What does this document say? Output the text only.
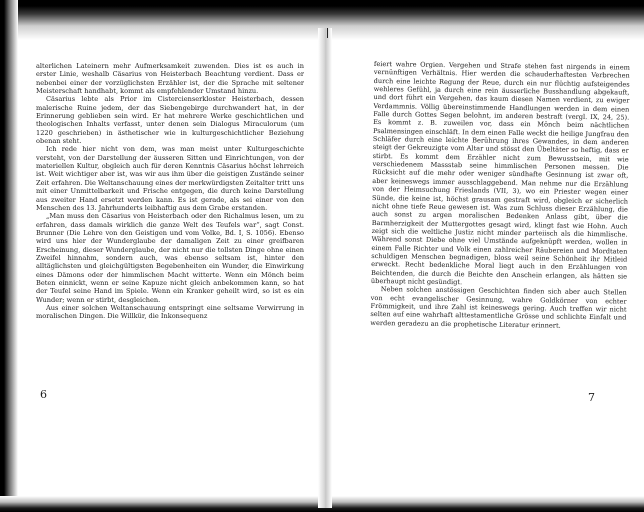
alterlichen Lateinern mehr Aufmerksamkeit zuwenden. Dies ist es auch in erster Linie, weshalb Cäsarius von Heisterbach Beachtung verdient. Dass er nebenbei einer der vorzüglichsten Erzähler ist, der die Sprache mit seltener Meisterschaft handhabt, kommt als empfehlender Umstand hinzu.

Cäsarius lebte als Prior im Cistercienserkloster Heisterbach, dessen malerische Ruine jedem, der das Siebengebirge durchwandert hat, in der Erinnerung geblieben sein wird. Er hat mehrere Werke geschichtlichen und theologischen Inhalts verfasst, unter denen sein Dialogus Miraculorum (um 1220 geschrieben) in ästhetischer wie in kulturgeschichtlicher Beziehung obenan steht.

Ich rede hier nicht von dem, was man meist unter Kulturgeschichte versteht, von der Darstellung der äusseren Sitten und Einrichtungen, von der materiellen Kultur, obgleich auch für deren Kenntnis Cäsarius höchst lehrreich ist. Weit wichtiger aber ist, was wir aus ihm über die geistigen Zustände seiner Zeit erfahren. Die Weltanschauung eines der merkwürdigsten Zeitalter tritt uns mit einer Unmittelbarkeit und Frische entgegen, die durch keine Darstellung aus zweiter Hand ersetzt werden kann. Es ist gerade, als sei einer von den Menschen des 13. Jahrhunderts leibhaftig aus dem Grabe erstanden.

„Man muss den Cäsarius von Heisterbach oder den Richalmus lesen, um zu erfahren, dass damals wirklich die ganze Welt des Teufels war“, sagt Const. Brunner (Die Lehre von den Geistigen und vom Volke, Bd. I, S. 1056). Ebenso wird uns hier der Wunderglaube der damaligen Zeit zu einer greifbaren Erscheinung, dieser Wunderglaube, der nicht nur die tollsten Dinge ohne einen Zweifel hinnahm, sondern auch, was ebenso seltsam ist, hinter den alltäglichsten und gleichgültigsten Begebenheiten ein Wunder, die Einwirkung eines Dämons oder der himmlischen Macht witterte. Wenn ein Mönch beim Beten einnickt, wenn er seine Kapuze nicht gleich anbekommen kann, so hat der Teufel seine Hand im Spiele. Wenn ein Kranker geheilt wird, so ist es ein Wunder; wenn er stirbt, desgleichen.

Aus einer solchen Weltanschauung entspringt eine seltsame Verwirrung in moralischen Dingen. Die Willkür, die Inkonsequenz

6

feiert wahre Orgien. Vergehen und Strafe stehen fast nirgends in einem vernünftigen Verhältnis. Hier werden die schauderhaftesten Verbrechen durch eine leichte Regung der Reue, durch ein nur flüchtig aufsteigendes wehleres Gefühl, ja durch eine rein äusserliche Busshandlung abgekauft, und dort führt ein Vergehen, das kaum diesen Namen verdient, zu ewiger Verdammnis. Völlig übereinstimmende Handlungen werden in dem einen Falle durch Gottes Segen belohnt, im anderen bestraft (vergl. IX, 24, 25). Es kommt z. B. zuweilen vor, dass ein Mönch beim nächtlichen Psalmensingen einschläft. In dem einen Falle weckt die heilige Jungfrau den Schläfer durch eine leichte Berührung ihres Gewandes, in dem anderen steigt der Gekreuzigte vom Altar und stösst den Übeltäter so heftig, dass er stirbt. Es kommt dem Erzähler nicht zum Bewusstsein, mit wie verschiedenem Massstab seine himmlischen Personen messen. Die Rücksicht auf die mehr oder weniger sündhafte Gesinnung ist zwar oft, aber keineswegs immer ausschlaggebend. Man nehme nur die Erzählung von der Heimsuchung Frieslands (VII, 3), wo ein Priester wegen einer Sünde, die keine ist, höchst grausam gestraft wird, obgleich er sicherlich nicht ohne tiefe Reue gewesen ist. Was zum Schluss dieser Erzählung, die auch sonst zu argen moralischen Bedenken Anlass gibt, über die Barmherzigkeit der Muttergottes gesagt wird, klingt fast wie Hohn. Auch zeigt sich die weltliche Justiz nicht minder parteiisch als die himmlische. Während sonst Diebe ohne viel Umstände aufgeknüpft werden, wollen in einem Falle Richter und Volk einen zahlreicher Räubereien und Mordtaten schuldigen Menschen begnadigen, bloss weil seine Schönheit ihr Mitleid erweckt. Recht bedenkliche Moral liegt auch in den Erzählungen von Beichtenden, die durch die Beichte den Anschein erlangen, als hätten sie überhaupt nicht gesündigt.

Neben solchen anstössigen Geschichten finden sich aber auch Stellen von echt evangelischer Gesinnung, wahre Goldkörner von echter Frömmigkeit, und ihre Zahl ist keineswegs gering. Auch treffen wir nicht selten auf eine wahrhaft alttestamentliche Grösse und schlichte Einfalt und werden geradezu an die prophetische Literatur erinnert.

7
